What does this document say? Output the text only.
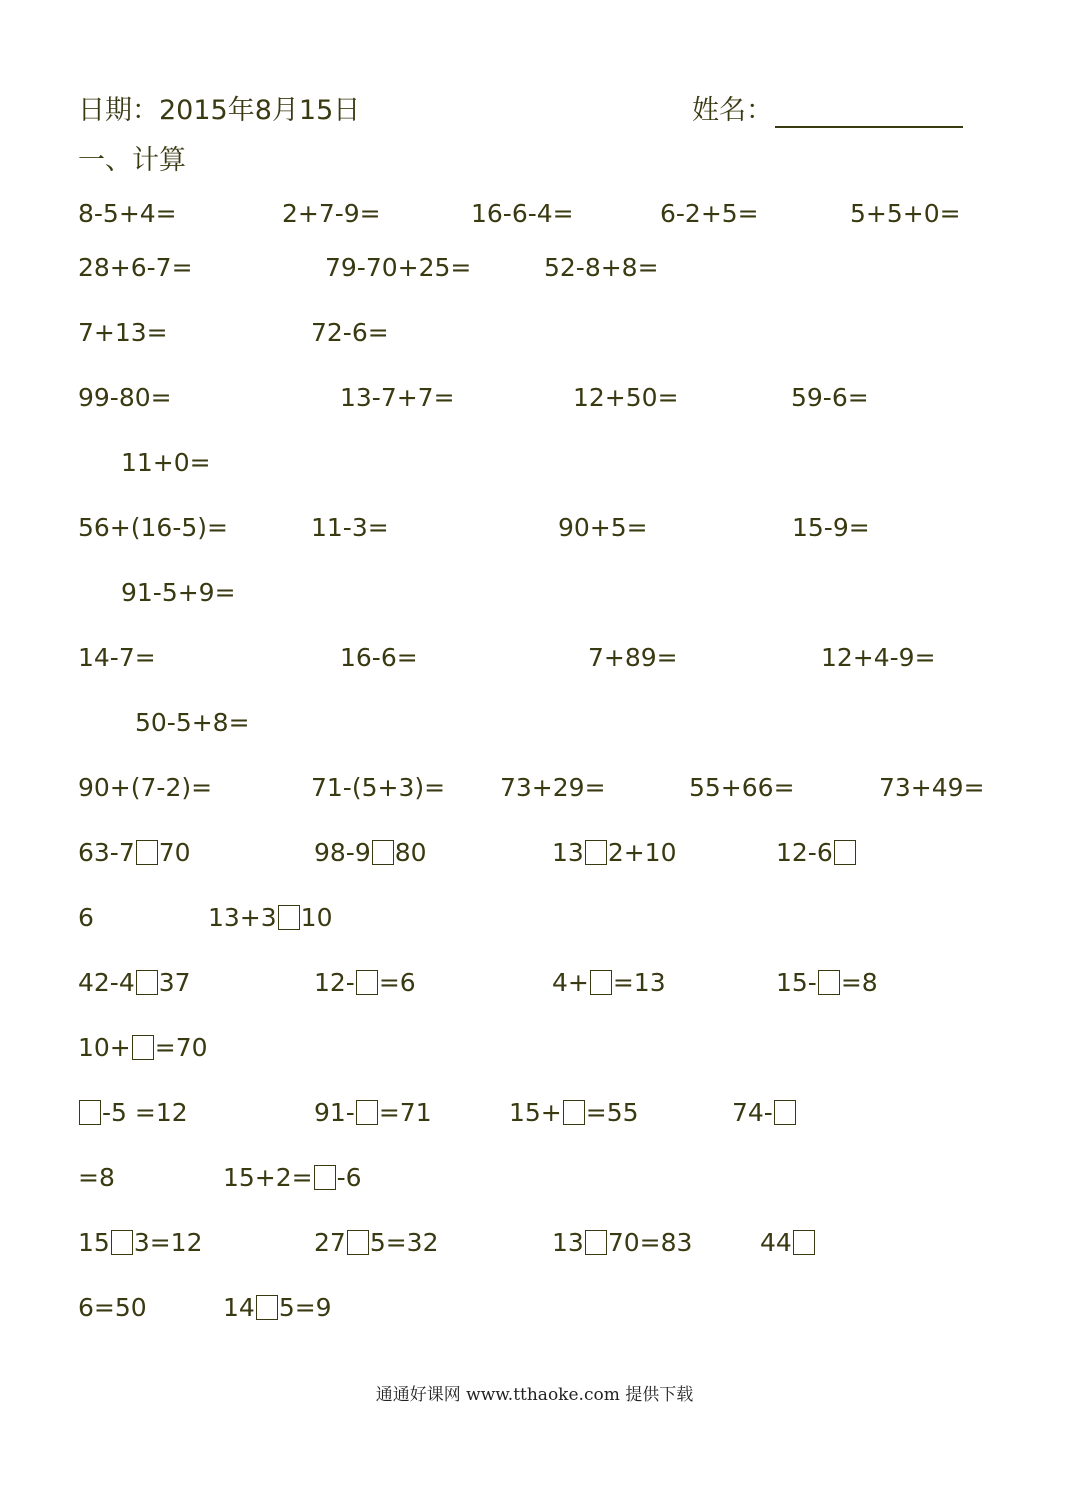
日期：2015年8月15日	姓名：
一、计算
8-5+4=	2+7-9=	16-6-4=	6-2+5=	5+5+0=
28+6-7=	79-70+25=	52-8+8=
7+13=	72-6=
99-80=	13-7+7=	12+50=	59-6=
11+0=
56+(16-5)=	11-3=	90+5=	15-9=
91-5+9=
14-7=	16-6=	7+89=	12+4-9=
50-5+8=
90+(7-2)=	71-(5+3)= 73+29=	55+66=	73+49=
63-7 70	98-9 80	13 2+10	12-6
6	13+3 10
42-4 37	12- =6	4+ =13	15- =8
10+ =70
-5 =12	91- =71	15+ =55	74-
=8	15+2= -6
15 3=12	27 5=32	13 70=83	44
6=50	14 5=9
通通好课网 www.tthaoke.com 提供下载
